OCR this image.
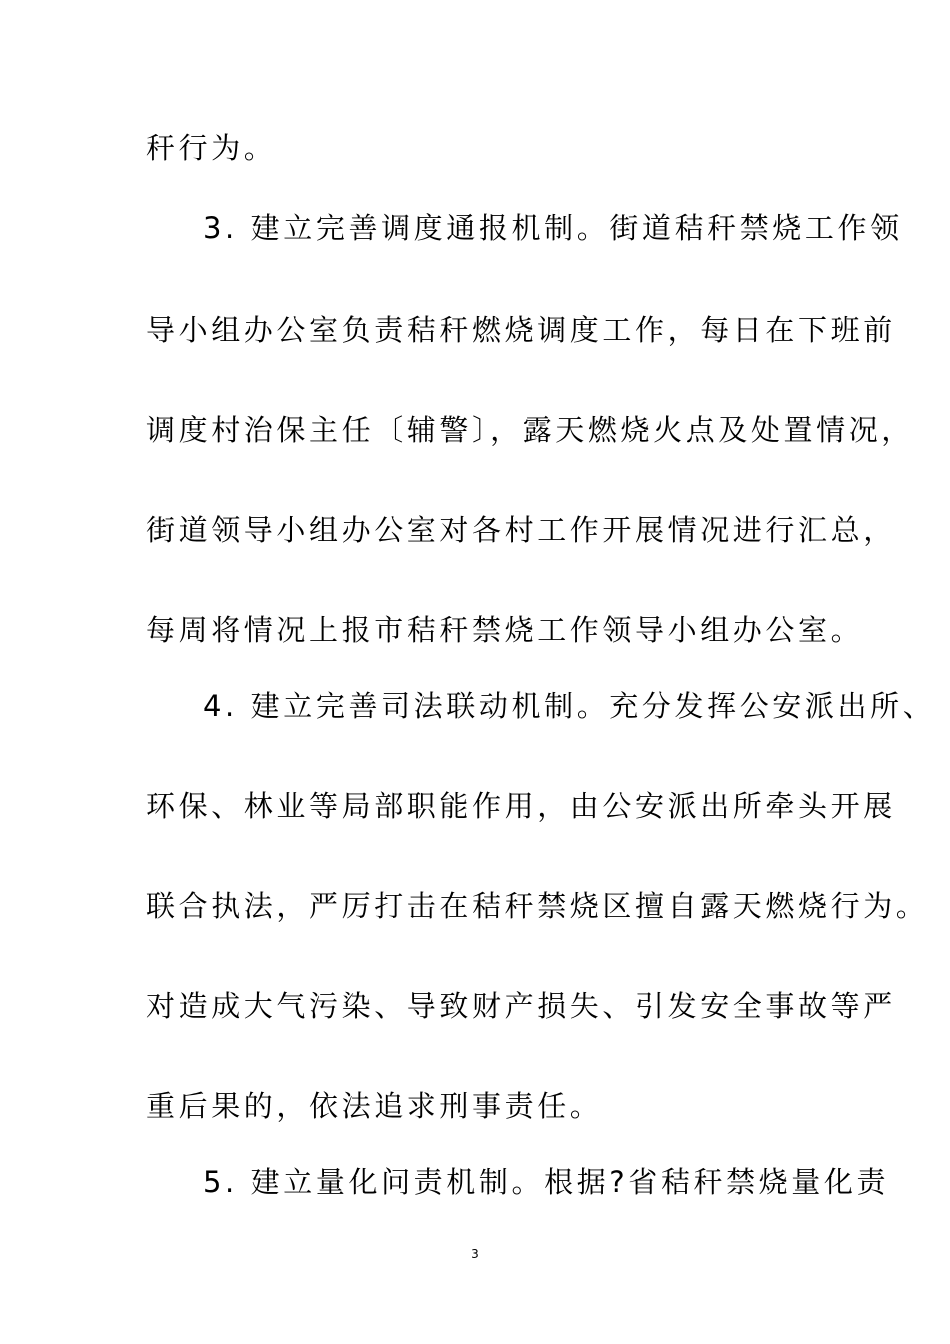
秆行为。
3. 建立完善调度通报机制。街道秸秆禁烧工作领
导小组办公室负责秸秆燃烧调度工作，每日在下班前
调度村治保主任〔辅警〕，露天燃烧火点及处置情况，
街道领导小组办公室对各村工作开展情况进行汇总，
每周将情况上报市秸秆禁烧工作领导小组办公室。
4. 建立完善司法联动机制。充分发挥公安派出所、
环保、林业等局部职能作用，由公安派出所牵头开展
联合执法，严厉打击在秸秆禁烧区擅自露天燃烧行为。
对造成大气污染、导致财产损失、引发安全事故等严
重后果的，依法追求刑事责任。
5. 建立量化问责机制。根据?省秸秆禁烧量化责
3
